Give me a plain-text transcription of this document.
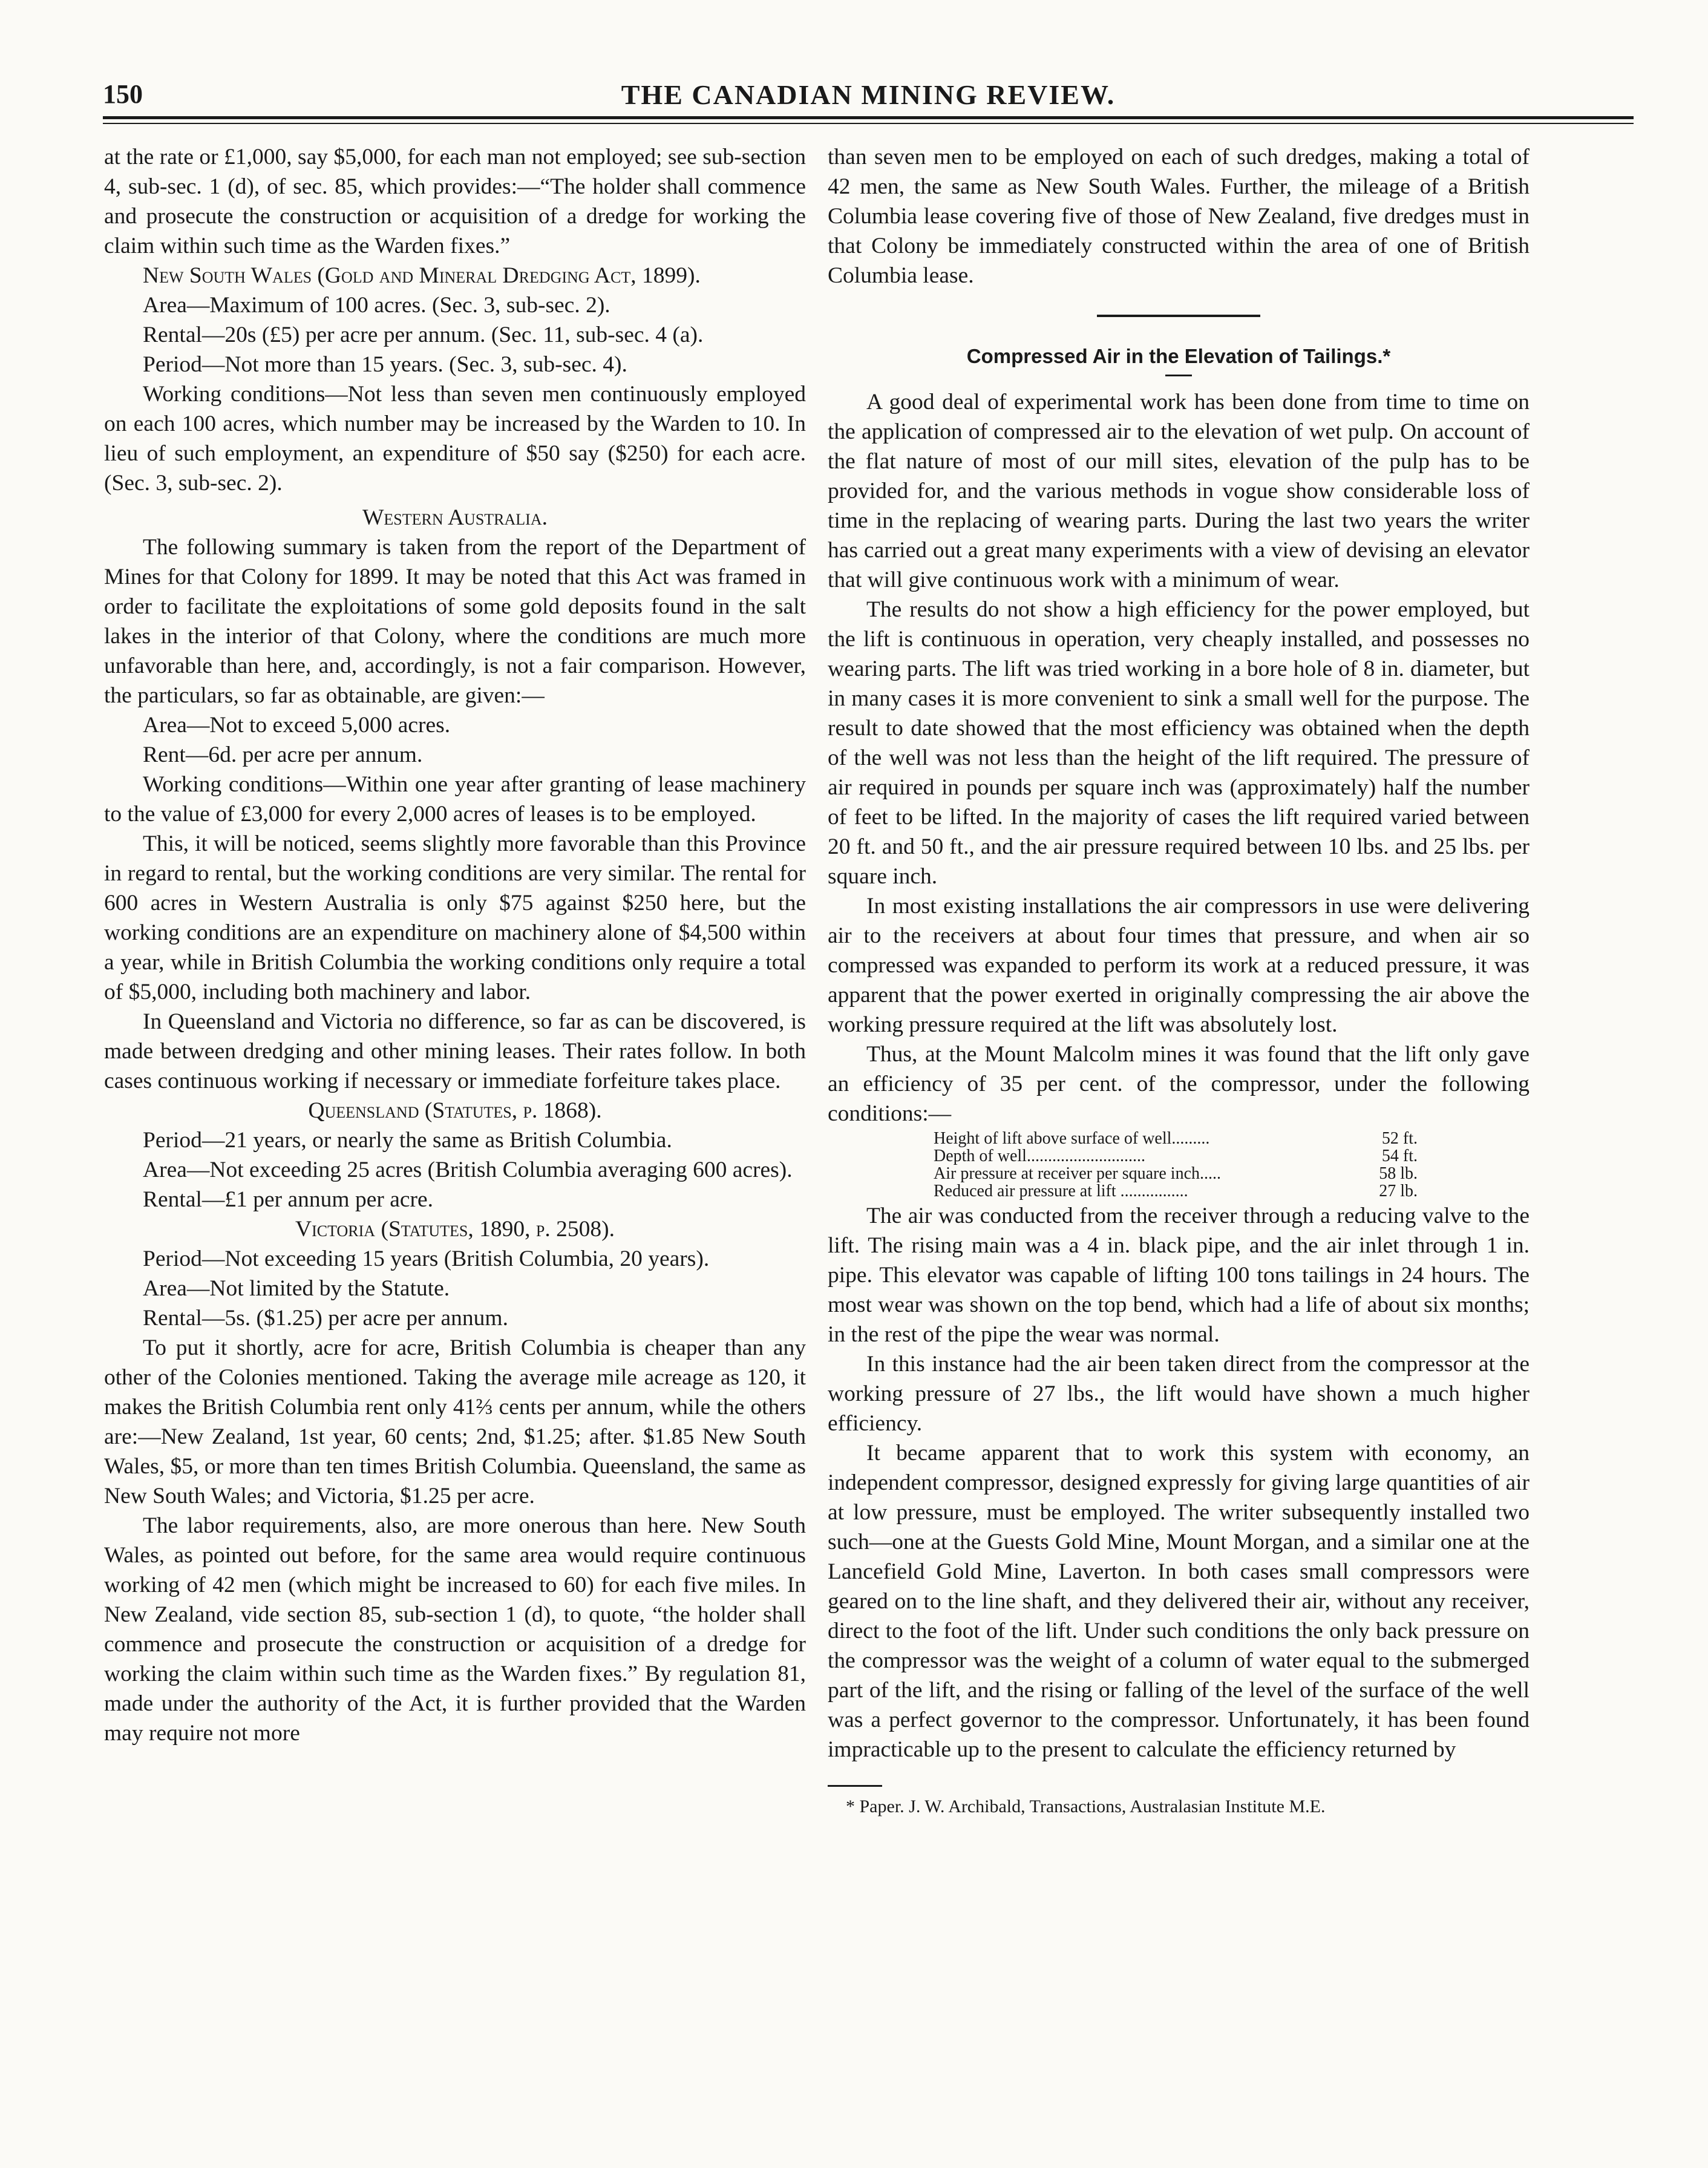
150	THE CANADIAN MINING REVIEW.

at the rate or £1,000, say $5,000, for each man not employed; see sub-section 4, sub-sec. 1 (d), of sec. 85, which provides:—“The holder shall commence and prosecute the construction or acquisition of a dredge for working the claim within such time as the Warden fixes.”

New South Wales (Gold and Mineral Dredging Act, 1899).

Area—Maximum of 100 acres. (Sec. 3, sub-sec. 2).

Rental—20s (£5) per acre per annum. (Sec. 11, sub-sec. 4 (a).

Period—Not more than 15 years. (Sec. 3, sub-sec. 4).

Working conditions—Not less than seven men continuously employed on each 100 acres, which number may be increased by the Warden to 10. In lieu of such employment, an expenditure of $50 say ($250) for each acre. (Sec. 3, sub-sec. 2).

Western Australia.

The following summary is taken from the report of the Department of Mines for that Colony for 1899. It may be noted that this Act was framed in order to facilitate the exploitations of some gold deposits found in the salt lakes in the interior of that Colony, where the conditions are much more unfavorable than here, and, accordingly, is not a fair comparison. However, the particulars, so far as obtainable, are given:—

Area—Not to exceed 5,000 acres.

Rent—6d. per acre per annum.

Working conditions—Within one year after granting of lease machinery to the value of £3,000 for every 2,000 acres of leases is to be employed.

This, it will be noticed, seems slightly more favorable than this Province in regard to rental, but the working conditions are very similar. The rental for 600 acres in Western Australia is only $75 against $250 here, but the working conditions are an expenditure on machinery alone of $4,500 within a year, while in British Columbia the working conditions only require a total of $5,000, including both machinery and labor.

In Queensland and Victoria no difference, so far as can be discovered, is made between dredging and other mining leases. Their rates follow. In both cases continuous working if necessary or immediate forfeiture takes place.

Queensland (Statutes, p. 1868).

Period—21 years, or nearly the same as British Columbia.

Area—Not exceeding 25 acres (British Columbia averaging 600 acres).

Rental—£1 per annum per acre.

Victoria (Statutes, 1890, p. 2508).

Period—Not exceeding 15 years (British Columbia, 20 years).

Area—Not limited by the Statute.

Rental—5s. ($1.25) per acre per annum.

To put it shortly, acre for acre, British Columbia is cheaper than any other of the Colonies mentioned. Taking the average mile acreage as 120, it makes the British Columbia rent only 41⅔ cents per annum, while the others are:—New Zealand, 1st year, 60 cents; 2nd, $1.25; after. $1.85 New South Wales, $5, or more than ten times British Columbia. Queensland, the same as New South Wales; and Victoria, $1.25 per acre.

The labor requirements, also, are more onerous than here. New South Wales, as pointed out before, for the same area would require continuous working of 42 men (which might be increased to 60) for each five miles. In New Zealand, vide section 85, sub-section 1 (d), to quote, “the holder shall commence and prosecute the construction or acquisition of a dredge for working the claim within such time as the Warden fixes.” By regulation 81, made under the authority of the Act, it is further provided that the Warden may require not more

than seven men to be employed on each of such dredges, making a total of 42 men, the same as New South Wales. Further, the mileage of a British Columbia lease covering five of those of New Zealand, five dredges must in that Colony be immediately constructed within the area of one of British Columbia lease.

Compressed Air in the Elevation of Tailings.*

A good deal of experimental work has been done from time to time on the application of compressed air to the elevation of wet pulp. On account of the flat nature of most of our mill sites, elevation of the pulp has to be provided for, and the various methods in vogue show considerable loss of time in the replacing of wearing parts. During the last two years the writer has carried out a great many experiments with a view of devising an elevator that will give continuous work with a minimum of wear.

The results do not show a high efficiency for the power employed, but the lift is continuous in operation, very cheaply installed, and possesses no wearing parts. The lift was tried working in a bore hole of 8 in. diameter, but in many cases it is more convenient to sink a small well for the purpose. The result to date showed that the most efficiency was obtained when the depth of the well was not less than the height of the lift required. The pressure of air required in pounds per square inch was (approximately) half the number of feet to be lifted. In the majority of cases the lift required varied between 20 ft. and 50 ft., and the air pressure required between 10 lbs. and 25 lbs. per square inch.

In most existing installations the air compressors in use were delivering air to the receivers at about four times that pressure, and when air so compressed was expanded to perform its work at a reduced pressure, it was apparent that the power exerted in originally compressing the air above the working pressure required at the lift was absolutely lost.

Thus, at the Mount Malcolm mines it was found that the lift only gave an efficiency of 35 per cent. of the compressor, under the following conditions:—

Height of lift above surface of well.........	52 ft.
Depth of well............................	54 ft.
Air pressure at receiver per square inch.....	58 lb.
Reduced air pressure at lift ................	27 lb.

The air was conducted from the receiver through a reducing valve to the lift. The rising main was a 4 in. black pipe, and the air inlet through 1 in. pipe. This elevator was capable of lifting 100 tons tailings in 24 hours. The most wear was shown on the top bend, which had a life of about six months; in the rest of the pipe the wear was normal.

In this instance had the air been taken direct from the compressor at the working pressure of 27 lbs., the lift would have shown a much higher efficiency.

It became apparent that to work this system with economy, an independent compressor, designed expressly for giving large quantities of air at low pressure, must be employed. The writer subsequently installed two such—one at the Guests Gold Mine, Mount Morgan, and a similar one at the Lancefield Gold Mine, Laverton. In both cases small compressors were geared on to the line shaft, and they delivered their air, without any receiver, direct to the foot of the lift. Under such conditions the only back pressure on the compressor was the weight of a column of water equal to the submerged part of the lift, and the rising or falling of the level of the surface of the well was a perfect governor to the compressor. Unfortunately, it has been found impracticable up to the present to calculate the efficiency returned by

* Paper. J. W. Archibald, Transactions, Australasian Institute M.E.
